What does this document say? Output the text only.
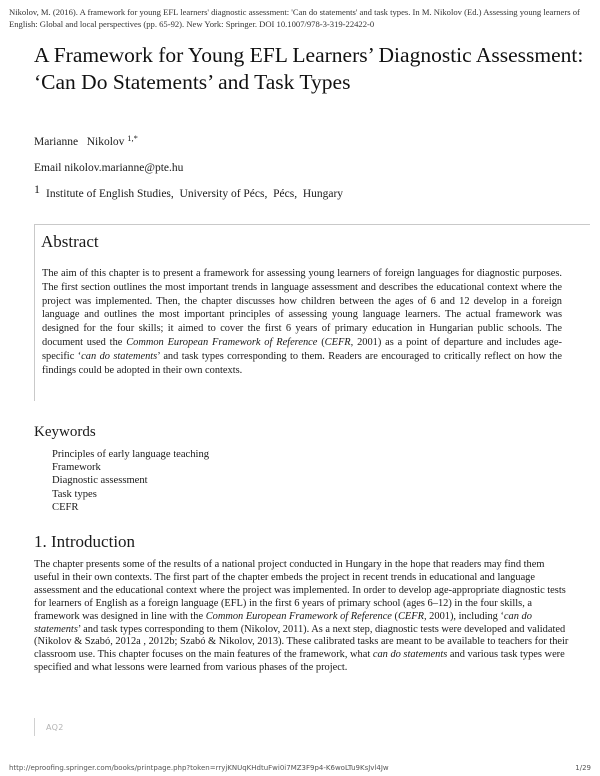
Nikolov, M. (2016). A framework for young EFL learners' diagnostic assessment: 'Can do statements' and task types. In M. Nikolov (Ed.) Assessing young learners of English: Global and local perspectives (pp. 65-92). New York: Springer. DOI 10.1007/978-3-319-22422-0
A Framework for Young EFL Learners’ Diagnostic Assessment: ‘Can Do Statements’ and Task Types
Marianne   Nikolov $^{1,*}$
Email nikolov.marianne@pte.hu
1 Institute of English Studies,  University of Pécs,  Pécs,  Hungary
Abstract
The aim of this chapter is to present a framework for assessing young learners of foreign languages for diagnostic purposes. The first section outlines the most important trends in language assessment and describes the educational context where the project was implemented. Then, the chapter discusses how children between the ages of 6 and 12 develop in a foreign language and outlines the most important principles of assessing young language learners. The actual framework was designed for the four skills; it aimed to cover the first 6 years of primary education in Hungarian public schools. The document used the Common European Framework of Reference (CEFR, 2001) as a point of departure and includes age-specific ‘can do statements’ and task types corresponding to them. Readers are encouraged to critically reflect on how the findings could be adopted in their own contexts.
Keywords
Principles of early language teaching
Framework
Diagnostic assessment
Task types
CEFR
1. Introduction
The chapter presents some of the results of a national project conducted in Hungary in the hope that readers may find them useful in their own contexts. The first part of the chapter embeds the project in recent trends in educational and language assessment and the educational context where the project was implemented. In order to develop age-appropriate diagnostic tests for learners of English as a foreign language (EFL) in the first 6 years of primary school (ages 6–12) in the four skills, a framework was designed in line with the Common European Framework of Reference (CEFR, 2001), including ‘can do statements’ and task types corresponding to them (Nikolov, 2011). As a next step, diagnostic tests were developed and validated (Nikolov & Szabó, 2012a , 2012b; Szabó & Nikolov, 2013). These calibrated tasks are meant to be available to teachers for their classroom use. This chapter focuses on the main features of the framework, what can do statements and various task types were specified and what lessons were learned from various phases of the project.
AQ2
http://eproofing.springer.com/books/printpage.php?token=rryjKNUqKHdtuFwi0i7MZ3F9p4-K6woLTu9KsJvl4Jw	1/29
